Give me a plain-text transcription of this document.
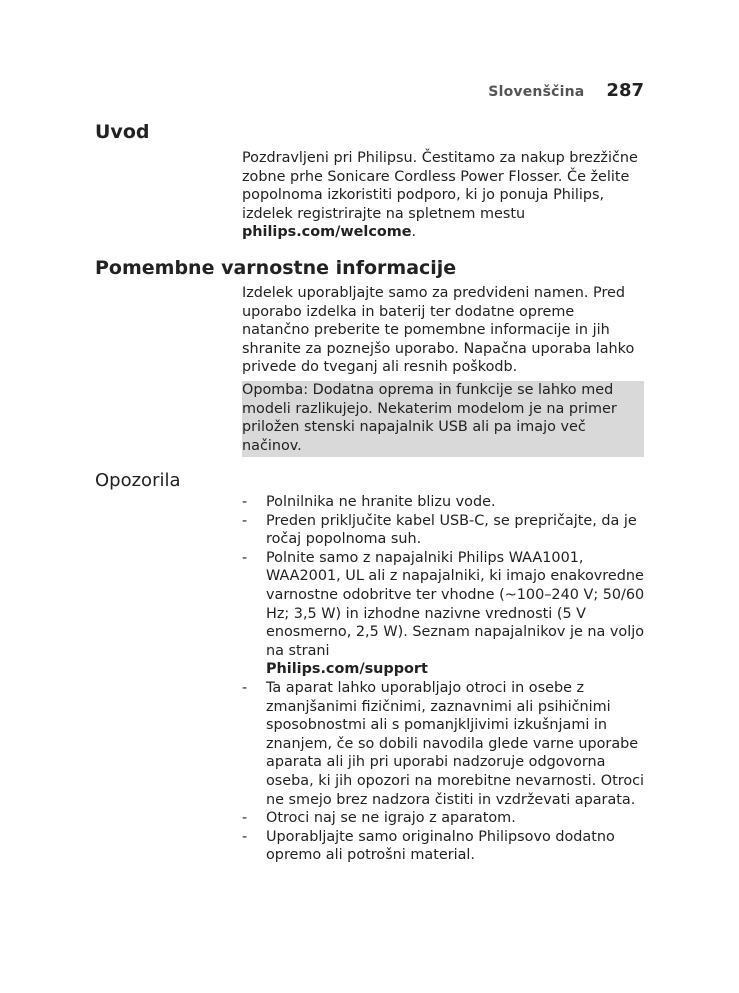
Slovenščina 287
Uvod

Pozdravljeni pri Philipsu. Čestitamo za nakup brezžične zobne prhe Sonicare Cordless Power Flosser. Če želite popolnoma izkoristiti podporo, ki jo ponuja Philips, izdelek registrirajte na spletnem mestu philips.com/welcome.

Pomembne varnostne informacije

Izdelek uporabljajte samo za predvideni namen. Pred uporabo izdelka in baterij ter dodatne opreme natančno preberite te pomembne informacije in jih shranite za poznejšo uporabo. Napačna uporaba lahko privede do tveganj ali resnih poškodb.

Opomba: Dodatna oprema in funkcije se lahko med modeli razlikujejo. Nekaterim modelom je na primer priložen stenski napajalnik USB ali pa imajo več načinov.

Opozorila
-	Polnilnika ne hranite blizu vode.
-	Preden priključite kabel USB-C, se prepričajte, da je ročaj popolnoma suh.
-	Polnite samo z napajalniki Philips WAA1001, WAA2001, UL ali z napajalniki, ki imajo enakovredne varnostne odobritve ter vhodne (~100–240 V; 50/60 Hz; 3,5 W) in izhodne nazivne vrednosti (5 V enosmerno, 2,5 W). Seznam napajalnikov je na voljo na strani
Philips.com/support
-	Ta aparat lahko uporabljajo otroci in osebe z zmanjšanimi fizičnimi, zaznavnimi ali psihičnimi sposobnostmi ali s pomanjkljivimi izkušnjami in znanjem, če so dobili navodila glede varne uporabe aparata ali jih pri uporabi nadzoruje odgovorna oseba, ki jih opozori na morebitne nevarnosti. Otroci ne smejo brez nadzora čistiti in vzdrževati aparata.
-	Otroci naj se ne igrajo z aparatom.
-	Uporabljajte samo originalno Philipsovo dodatno opremo ali potrošni material.
